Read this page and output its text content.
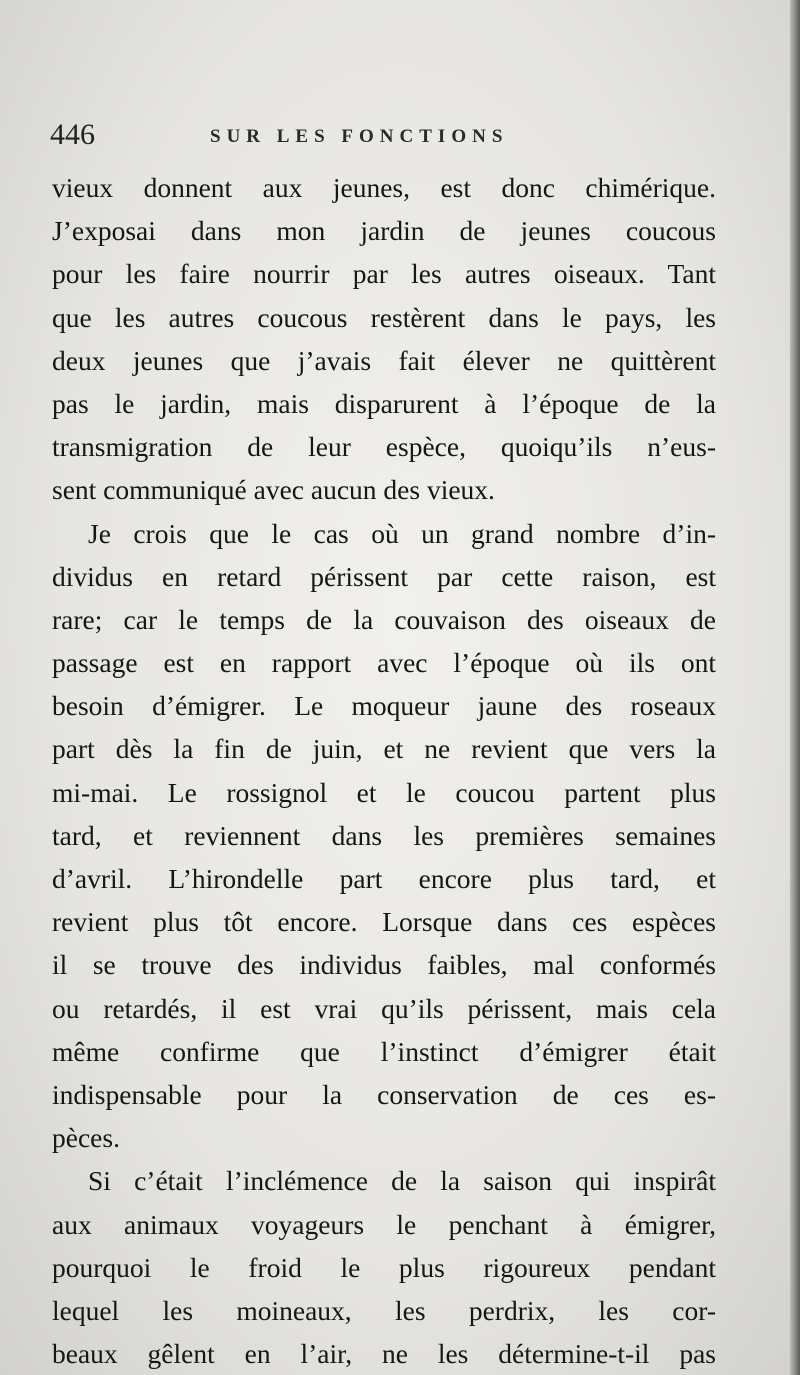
446	SUR LES FONCTIONS
vieux donnent aux jeunes, est donc chimérique.
J’exposai dans mon jardin de jeunes coucous
pour les faire nourrir par les autres oiseaux. Tant
que les autres coucous restèrent dans le pays, les
deux jeunes que j’avais fait élever ne quittèrent
pas le jardin, mais disparurent à l’époque de la
transmigration de leur espèce, quoiqu’ils n’eus-
sent communiqué avec aucun des vieux.
Je crois que le cas où un grand nombre d’in-
dividus en retard périssent par cette raison, est
rare; car le temps de la couvaison des oiseaux de
passage est en rapport avec l’époque où ils ont
besoin d’émigrer. Le moqueur jaune des roseaux
part dès la fin de juin, et ne revient que vers la
mi-mai. Le rossignol et le coucou partent plus
tard, et reviennent dans les premières semaines
d’avril. L’hirondelle part encore plus tard, et
revient plus tôt encore. Lorsque dans ces espèces
il se trouve des individus faibles, mal conformés
ou retardés, il est vrai qu’ils périssent, mais cela
même confirme que l’instinct d’émigrer était
indispensable pour la conservation de ces es-
pèces.
Si c’était l’inclémence de la saison qui inspirât
aux animaux voyageurs le penchant à émigrer,
pourquoi le froid le plus rigoureux pendant
lequel les moineaux, les perdrix, les cor-
beaux gêlent en l’air, ne les détermine-t-il pas
